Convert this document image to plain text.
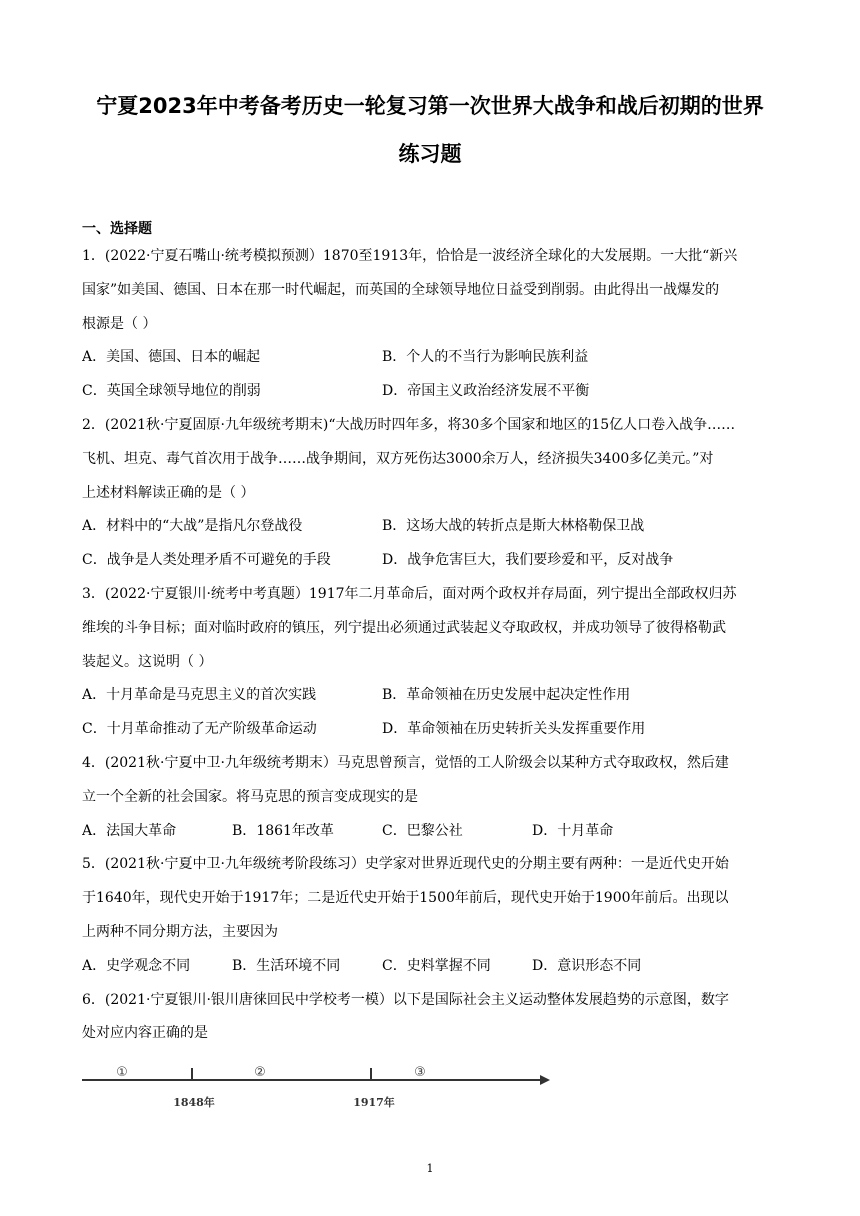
宁夏2023年中考备考历史一轮复习第一次世界大战争和战后初期的世界
练习题
一、选择题
1．(2022·宁夏石嘴山·统考模拟预测）1870至1913年，恰恰是一波经济全球化的大发展期。一大批“新兴
国家”如美国、德国、日本在那一时代崛起，而英国的全球领导地位日益受到削弱。由此得出一战爆发的
根源是（ ）
A．美国、德国、日本的崛起	B．个人的不当行为影响民族利益
C．英国全球领导地位的削弱	D．帝国主义政治经济发展不平衡
2．(2021秋·宁夏固原·九年级统考期末)“大战历时四年多，将30多个国家和地区的15亿人口卷入战争……
飞机、坦克、毒气首次用于战争……战争期间，双方死伤达3000余万人，经济损失3400多亿美元。”对
上述材料解读正确的是（ ）
A．材料中的“大战”是指凡尔登战役	B．这场大战的转折点是斯大林格勒保卫战
C．战争是人类处理矛盾不可避免的手段	D．战争危害巨大，我们要珍爱和平，反对战争
3．(2022·宁夏银川·统考中考真题）1917年二月革命后，面对两个政权并存局面，列宁提出全部政权归苏
维埃的斗争目标；面对临时政府的镇压，列宁提出必须通过武装起义夺取政权，并成功领导了彼得格勒武
装起义。这说明（ ）
A．十月革命是马克思主义的首次实践	B．革命领袖在历史发展中起决定性作用
C．十月革命推动了无产阶级革命运动	D．革命领袖在历史转折关头发挥重要作用
4．(2021秋·宁夏中卫·九年级统考期末）马克思曾预言，觉悟的工人阶级会以某种方式夺取政权，然后建
立一个全新的社会国家。将马克思的预言变成现实的是
A．法国大革命	B．1861年改革	C．巴黎公社	D．十月革命
5．(2021秋·宁夏中卫·九年级统考阶段练习）史学家对世界近现代史的分期主要有两种：一是近代史开始
于1640年，现代史开始于1917年；二是近代史开始于1500年前后，现代史开始于1900年前后。出现以
上两种不同分期方法，主要因为
A．史学观念不同	B．生活环境不同	C．史料掌握不同	D．意识形态不同
6．(2021·宁夏银川·银川唐徕回民中学校考一模）以下是国际社会主义运动整体发展趋势的示意图，数字
处对应内容正确的是
①	②	③
1848年	1917年
1
